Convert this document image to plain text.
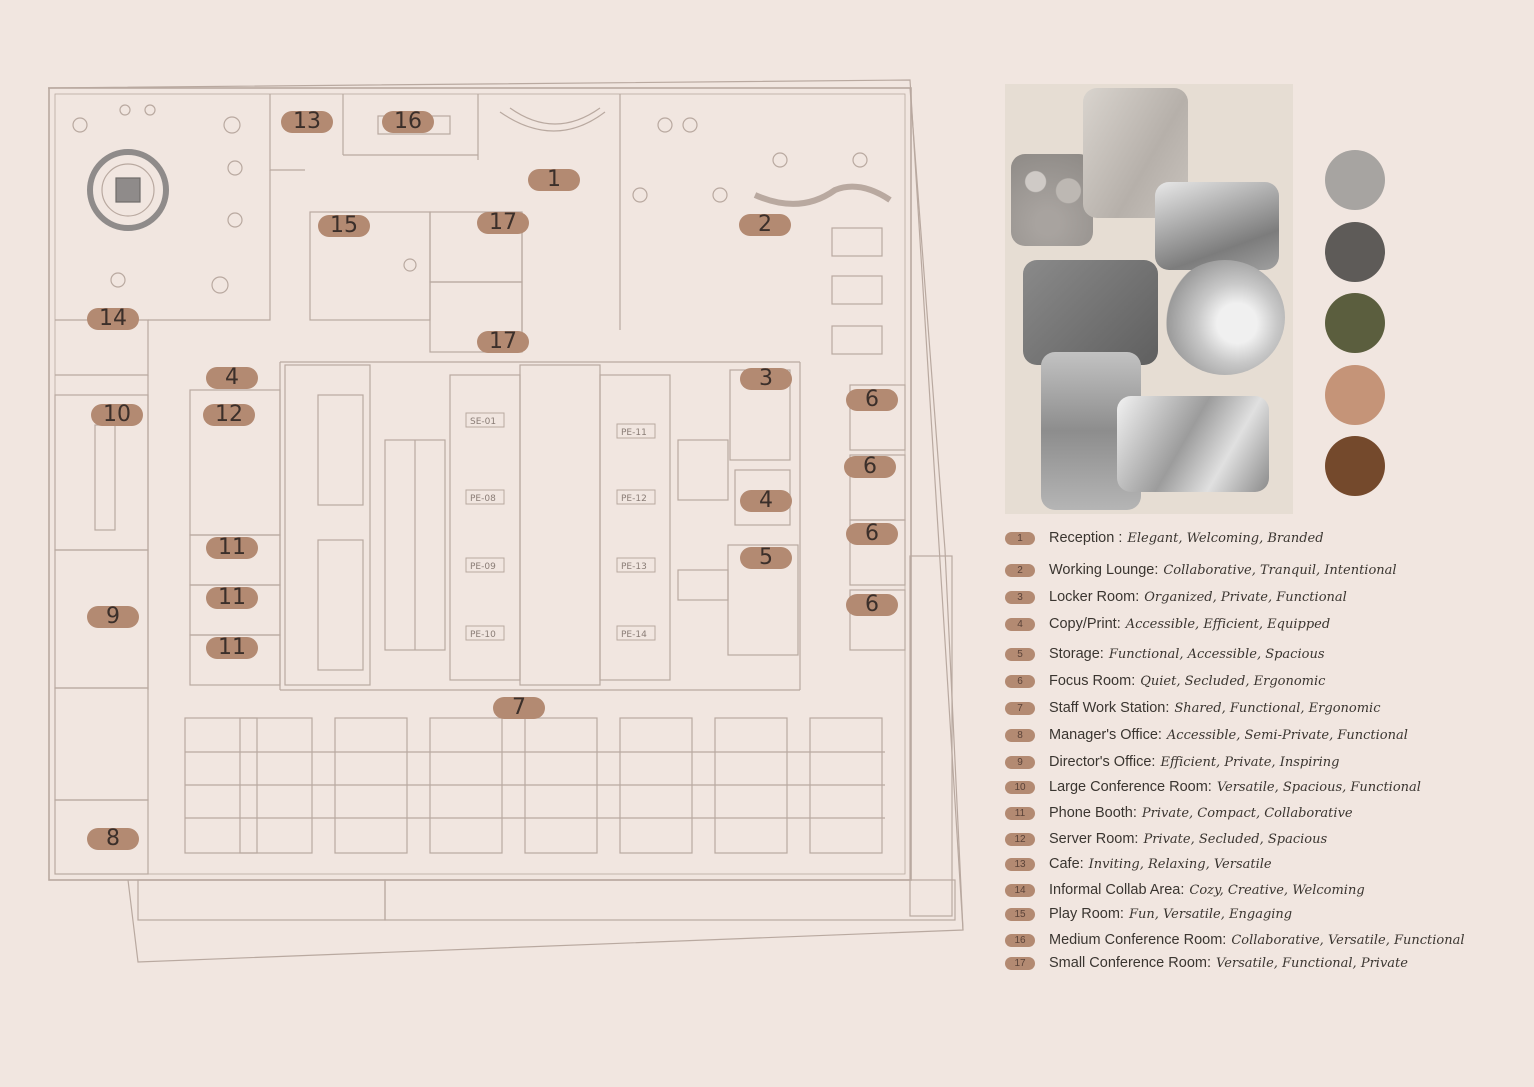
SE-01
PE-08
PE-09
PE-10
PE-11
PE-12
PE-13
PE-14
13	16
1
15	17	2
14
17
4	3
6
10	12
6
4
6
11	5
11	6
9
11
7
8
1	Reception : Elegant, Welcoming, Branded
2	Working Lounge: Collaborative, Tranquil, Intentional
3	Locker Room: Organized, Private, Functional
4	Copy/Print: Accessible, Efficient, Equipped
5	Storage: Functional, Accessible, Spacious
6	Focus Room: Quiet, Secluded, Ergonomic
7	Staff Work Station: Shared, Functional, Ergonomic
8	Manager's Office: Accessible, Semi-Private, Functional
9	Director's Office: Efficient, Private, Inspiring
10	Large Conference Room: Versatile, Spacious, Functional
11	Phone Booth: Private, Compact, Collaborative
12	Server Room: Private, Secluded, Spacious
13	Cafe: Inviting, Relaxing, Versatile
14	Informal Collab Area: Cozy, Creative, Welcoming
15	Play Room: Fun, Versatile, Engaging
16	Medium Conference Room: Collaborative, Versatile, Functional
17	Small Conference Room: Versatile, Functional, Private
